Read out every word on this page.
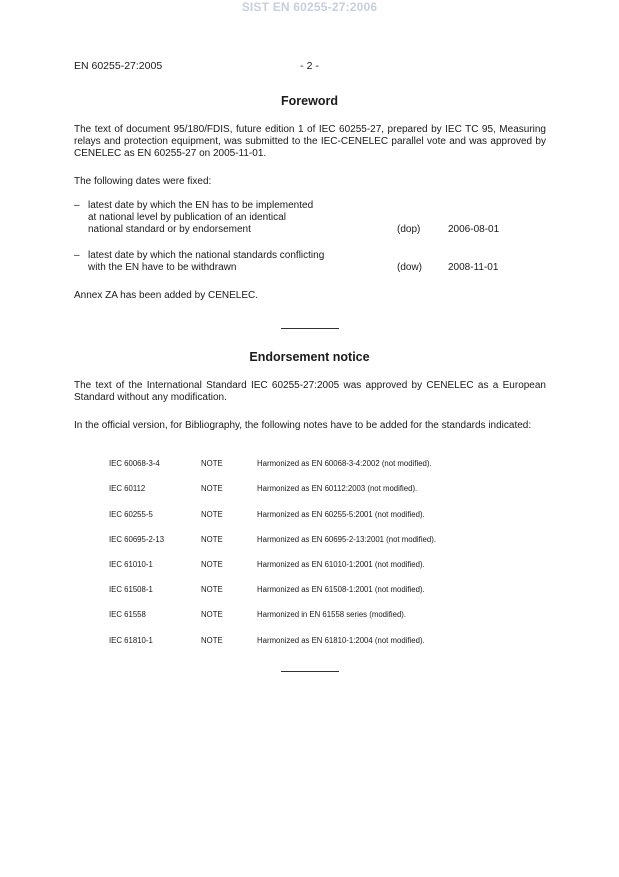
SIST EN 60255-27:2006
EN 60255-27:2005	- 2 -
Foreword
The text of document 95/180/FDIS, future edition 1 of IEC 60255-27, prepared by IEC TC 95, Measuring relays and protection equipment, was submitted to the IEC-CENELEC parallel vote and was approved by CENELEC as EN 60255-27 on 2005-11-01.
The following dates were fixed:
– latest date by which the EN has to be implemented
at national level by publication of an identical
national standard or by endorsement	(dop)	2006-08-01
– latest date by which the national standards conflicting
with the EN have to be withdrawn	(dow)	2008-11-01
Annex ZA has been added by CENELEC.
Endorsement notice
The text of the International Standard IEC 60255-27:2005 was approved by CENELEC as a European Standard without any modification.
In the official version, for Bibliography, the following notes have to be added for the standards indicated:
IEC 60068-3-4	NOTE	Harmonized as EN 60068-3-4:2002 (not modified).
IEC 60112	NOTE	Harmonized as EN 60112:2003 (not modified).
IEC 60255-5	NOTE	Harmonized as EN 60255-5:2001 (not modified).
IEC 60695-2-13	NOTE	Harmonized as EN 60695-2-13:2001 (not modified).
IEC 61010-1	NOTE	Harmonized as EN 61010-1:2001 (not modified).
IEC 61508-1	NOTE	Harmonized as EN 61508-1:2001 (not modified).
IEC 61558	NOTE	Harmonized in EN 61558 series (modified).
IEC 61810-1	NOTE	Harmonized as EN 61810-1:2004 (not modified).
